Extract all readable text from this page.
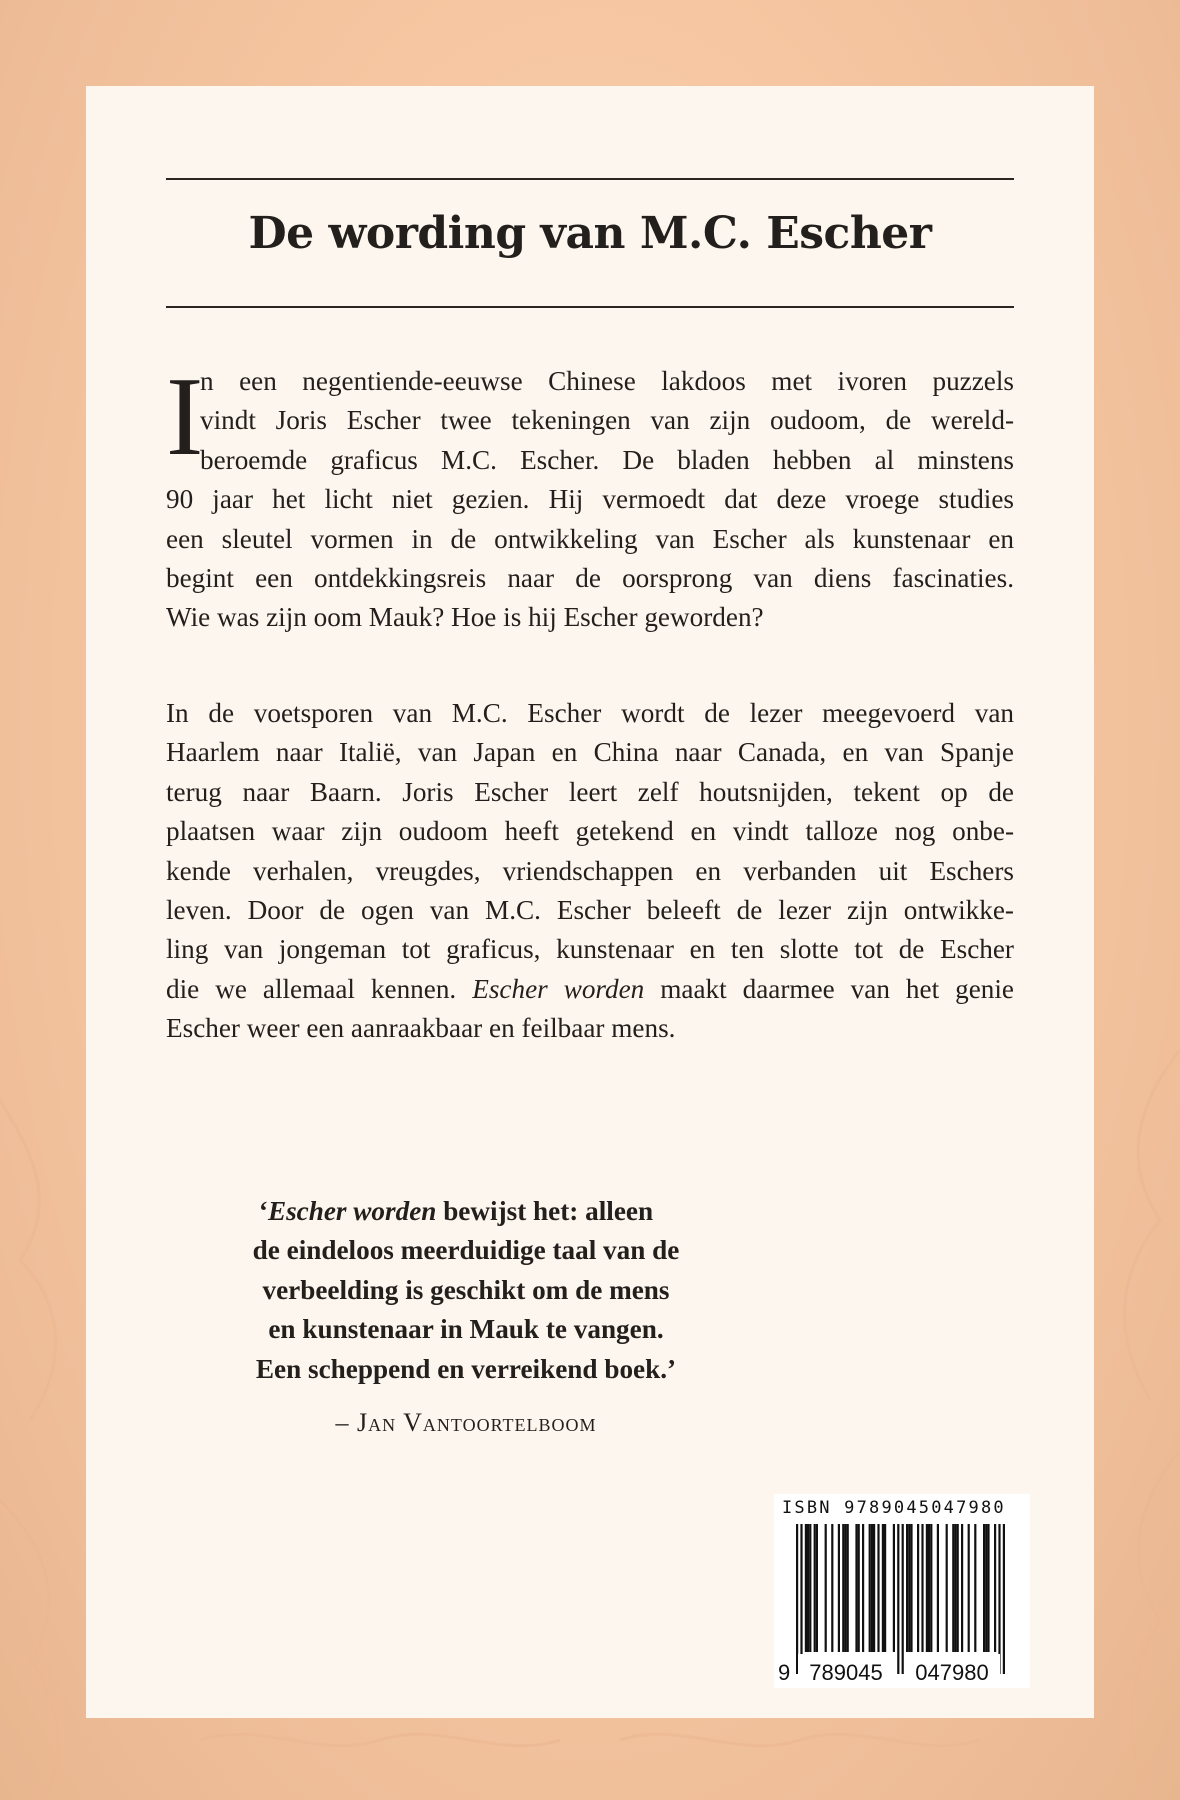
De wording van M.C. Escher
I
n een negentiende-eeuwse Chinese lakdoos met ivoren puzzels
vindt Joris Escher twee tekeningen van zijn oudoom, de wereld-
beroemde graficus M.C. Escher. De bladen hebben al minstens
90 jaar het licht niet gezien. Hij vermoedt dat deze vroege studies
een sleutel vormen in de ontwikkeling van Escher als kunstenaar en
begint een ontdekkingsreis naar de oorsprong van diens fascinaties.
Wie was zijn oom Mauk? Hoe is hij Escher geworden?
In de voetsporen van M.C. Escher wordt de lezer meegevoerd van
Haarlem naar Italië, van Japan en China naar Canada, en van Spanje
terug naar Baarn. Joris Escher leert zelf houtsnijden, tekent op de
plaatsen waar zijn oudoom heeft getekend en vindt talloze nog onbe-
kende verhalen, vreugdes, vriendschappen en verbanden uit Eschers
leven. Door de ogen van M.C. Escher beleeft de lezer zijn ontwikke-
ling van jongeman tot graficus, kunstenaar en ten slotte tot de Escher
die we allemaal kennen. Escher worden maakt daarmee van het genie
Escher weer een aanraakbaar en feilbaar mens.
‘Escher worden bewijst het: alleen
de eindeloos meerduidige taal van de
verbeelding is geschikt om de mens
en kunstenaar in Mauk te vangen.
Een scheppend en verreikend boek.’
– Jan Vantoortelboom
ISBN 9789045047980
9 789045 047980
